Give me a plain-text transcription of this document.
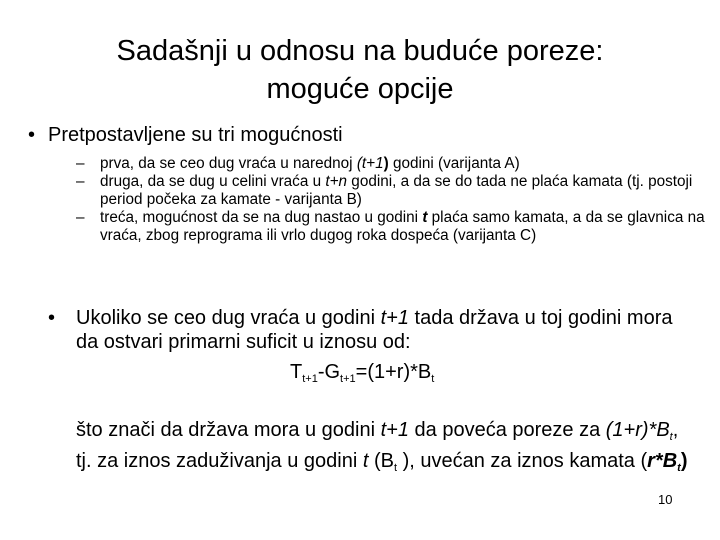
Sadašnji u odnosu na buduće poreze:
moguće opcije
• Pretpostavljene su tri mogućnosti
– prva, da se ceo dug vraća u narednoj (t+1) godini (varijanta A)
– druga, da se dug u celini vraća u t+n godini, a da se do tada ne plaća kamata (tj. postoji period počeka za kamate - varijanta B)
– treća, mogućnost da se na dug nastao u godini t plaća samo kamata, a da se glavnica na vraća, zbog reprograma ili vrlo dugog roka dospeća (varijanta C)
• Ukoliko se ceo dug vraća u godini t+1 tada država u toj godini mora da ostvari primarni suficit u iznosu od:
$T_{t+1}-G_{t+1}=(1+r)*B_t$
što znači da država mora u godini t+1 da poveća poreze za $(1+r)*B_t$, tj. za iznos zaduživanja u godini t ($B_t$ ), uvećan za iznos kamata $(r*B_t)$
10
